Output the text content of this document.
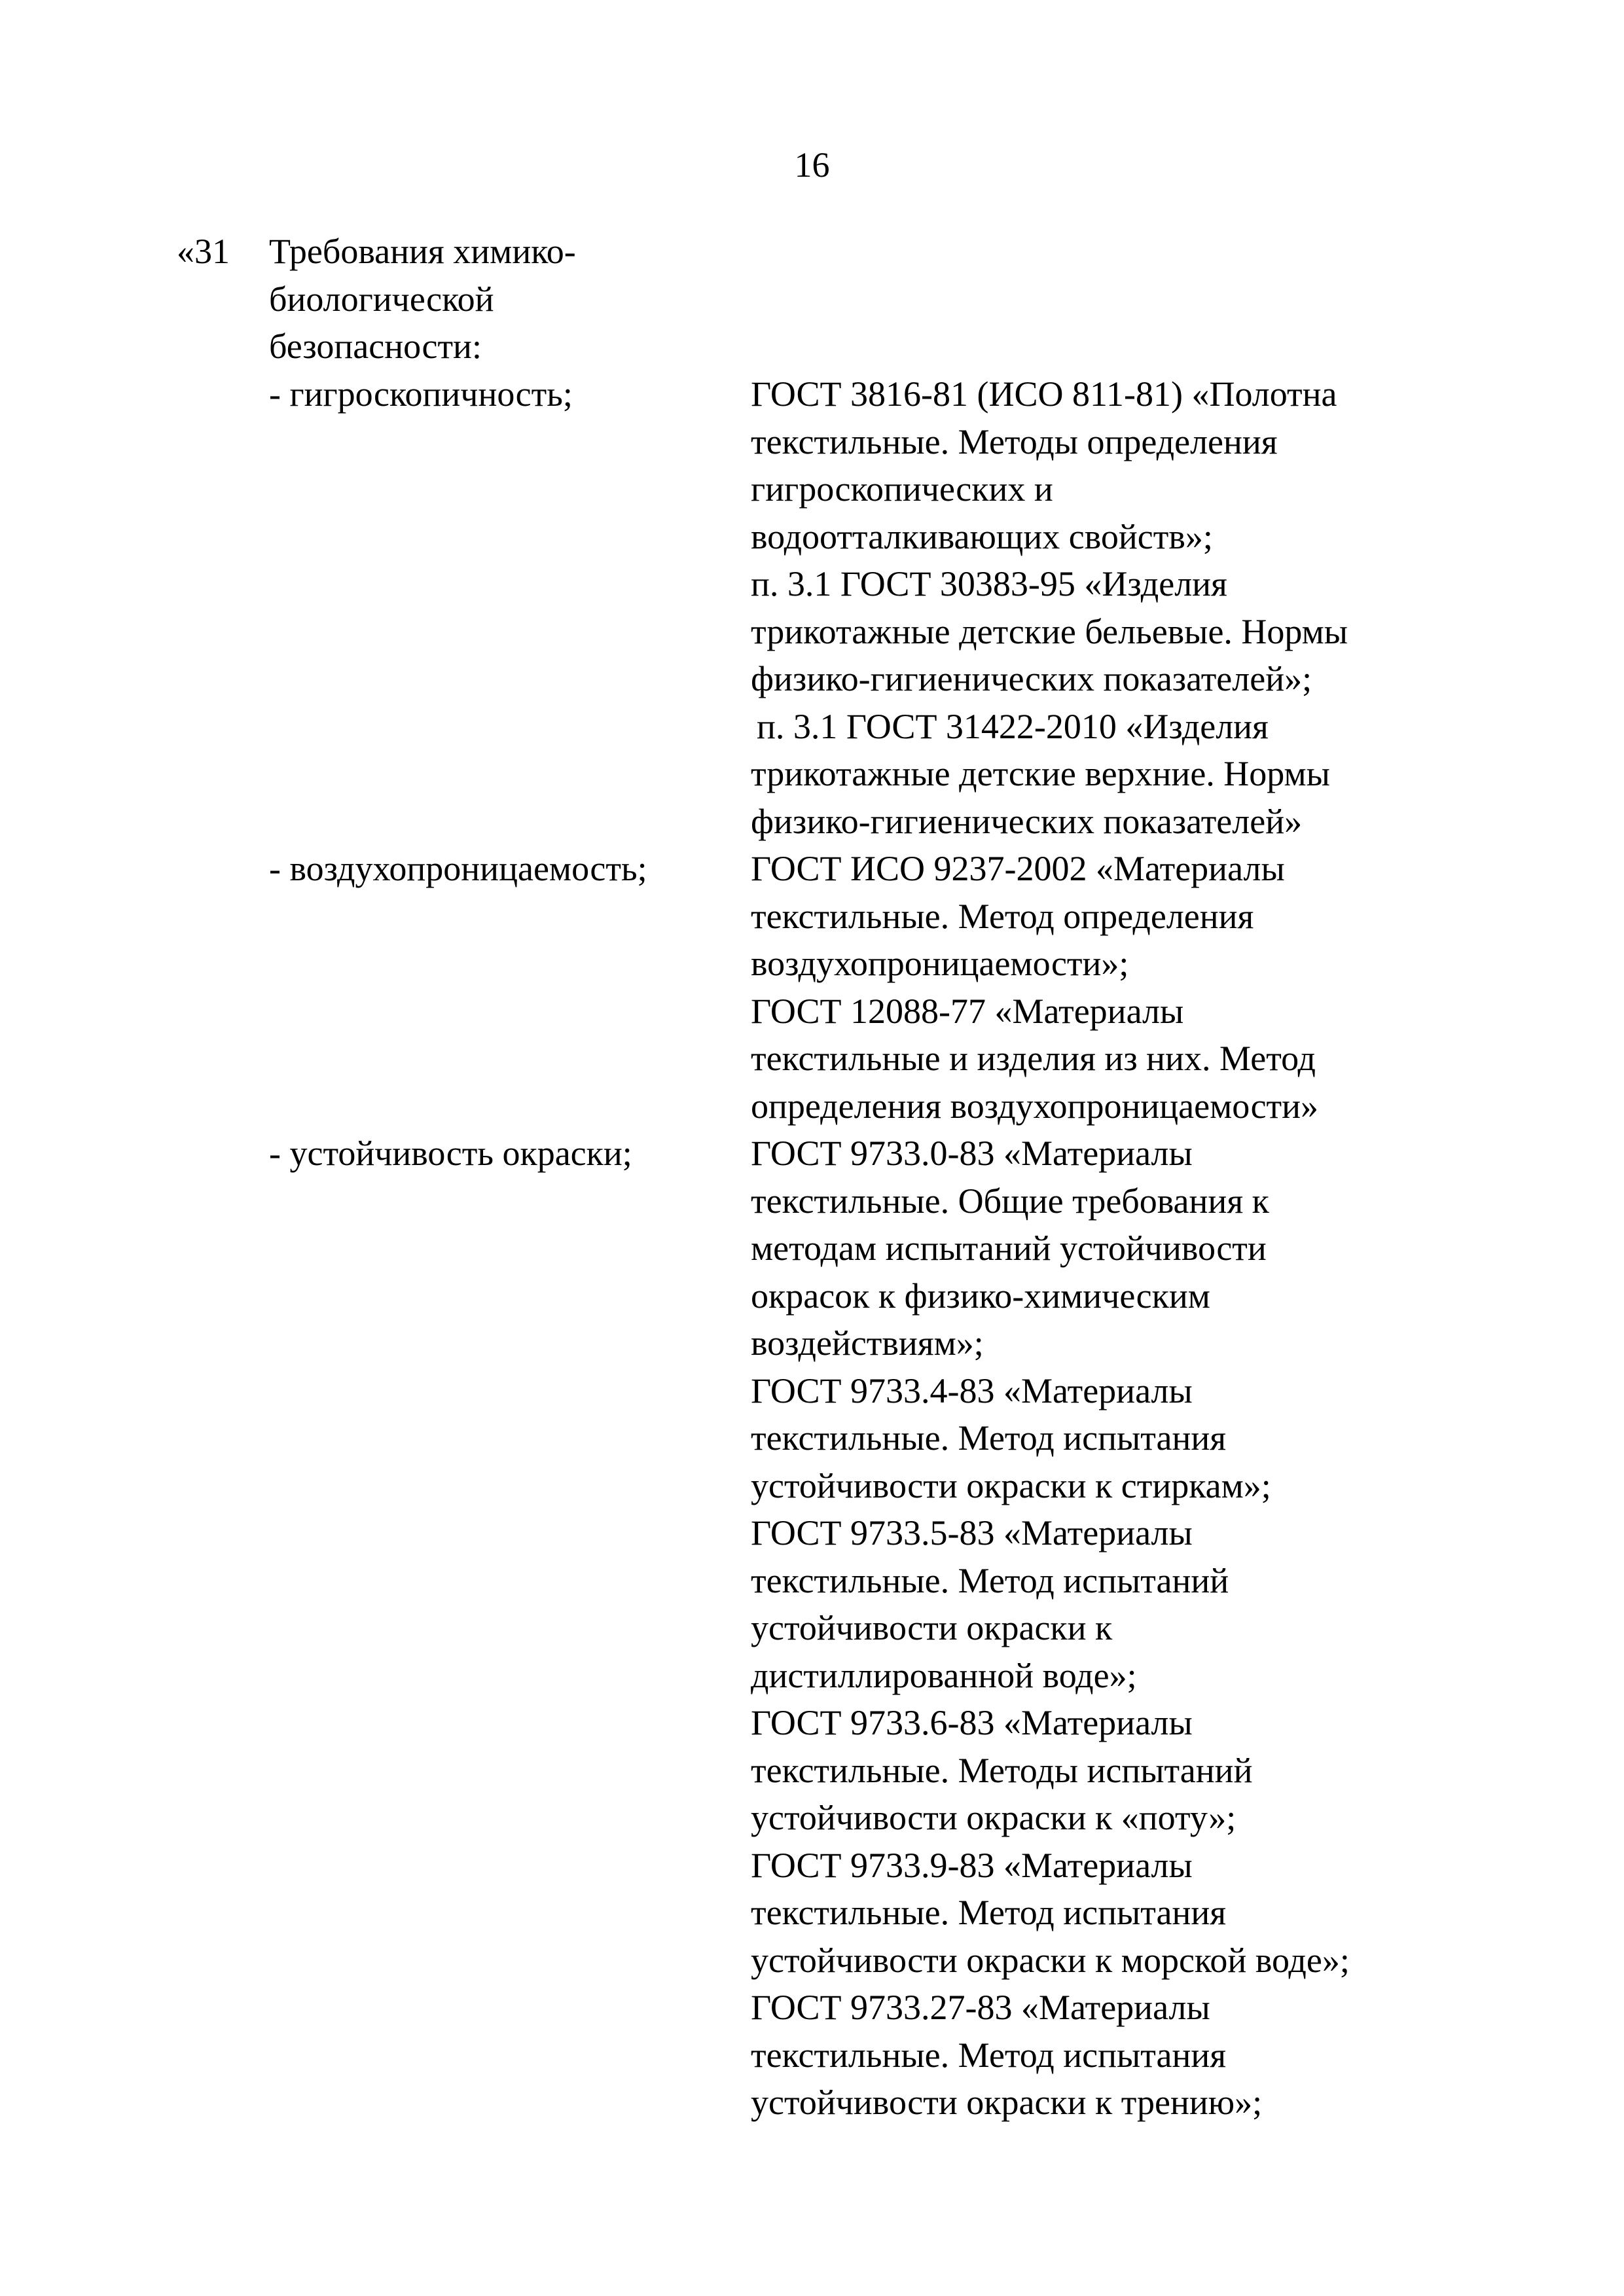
16
«31 Требования химико-
биологической
безопасности:
- гигроскопичность;	ГОСТ 3816-81 (ИСО 811-81) «Полотна
текстильные. Методы определения
гигроскопических и
водоотталкивающих свойств»;
п. 3.1 ГОСТ 30383-95 «Изделия
трикотажные детские бельевые. Нормы
физико-гигиенических показателей»;
п. 3.1 ГОСТ 31422-2010 «Изделия
трикотажные детские верхние. Нормы
физико-гигиенических показателей»
- воздухопроницаемость;	ГОСТ ИСО 9237-2002 «Материалы
текстильные. Метод определения
воздухопроницаемости»;
ГОСТ 12088-77 «Материалы
текстильные и изделия из них. Метод
определения воздухопроницаемости»
- устойчивость окраски;	ГОСТ 9733.0-83 «Материалы
текстильные. Общие требования к
методам испытаний устойчивости
окрасок к физико-химическим
воздействиям»;
ГОСТ 9733.4-83 «Материалы
текстильные. Метод испытания
устойчивости окраски к стиркам»;
ГОСТ 9733.5-83 «Материалы
текстильные. Метод испытаний
устойчивости окраски к
дистиллированной воде»;
ГОСТ 9733.6-83 «Материалы
текстильные. Методы испытаний
устойчивости окраски к «поту»;
ГОСТ 9733.9-83 «Материалы
текстильные. Метод испытания
устойчивости окраски к морской воде»;
ГОСТ 9733.27-83 «Материалы
текстильные. Метод испытания
устойчивости окраски к трению»;
